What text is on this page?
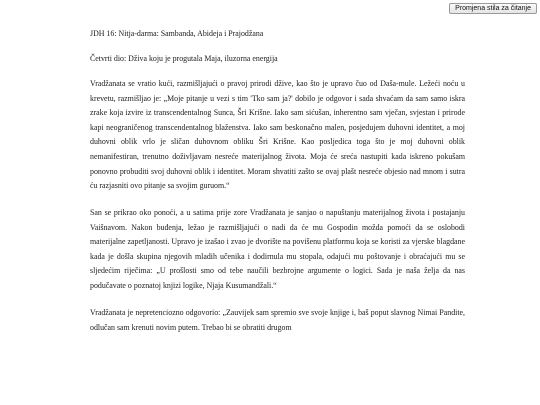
Promjena stila za čitanje

JDH 16: Nitja-darma: Sambanda, Abideja i Prajodžana

Četvrti dio: Dživa koju je progutala Maja, iluzorna energija

Vradžanata se vratio kući, razmišljajući o pravoj prirodi džive, kao što je upravo čuo od Daša-mule. Ležeći noću u krevetu, razmišljao je: „Moje pitanje u vezi s tim 'Tko sam ja?' dobilo je odgovor i sada shvaćam da sam samo iskra zrake koja izvire iz transcendentalnog Sunca, Šri Krišne. Iako sam sićušan, inherentno sam vječan, svjestan i prirode kapi neograničenog transcendentalnog blaženstva. Iako sam beskonačno malen, posjedujem duhovni identitet, a moj duhovni oblik vrlo je sličan duhovnom obliku Šri Krišne. Kao posljedica toga što je moj duhovni oblik nemanifestiran, trenutno doživljavam nesreće materijalnog života. Moja će sreća nastupiti kada iskreno pokušam ponovno probuditi svoj duhovni oblik i identitet. Moram shvatiti zašto se ovaj plašt nesreće objesio nad mnom i sutra ću razjasniti ovo pitanje sa svojim guruom.“

San se prikrao oko ponoći, a u satima prije zore Vradžanata je sanjao o napuštanju materijalnog života i postajanju Vaišnavom. Nakon buđenja, ležao je razmišljajući o nadi da će mu Gospodin možda pomoći da se oslobodi materijalne zapetljanosti. Upravo je izašao i zvao je dvorište na povišenu platformu koja se koristi za vjerske blagdane kada je došla skupina njegovih mladih učenika i dodirnula mu stopala, odajući mu poštovanje i obraćajući mu se sljedećim riječima: „U prošlosti smo od tebe naučili bezbrojne argumente o logici. Sada je naša želja da nas podučavate o poznatoj knjizi logike, Njaja Kusumandžali.“

Vradžanata je nepretenciozno odgovorio: „Zauvijek sam spremio sve svoje knjige i, baš poput slavnog Nimai Pandite, odlučan sam krenuti novim putem. Trebao bi se obratiti drugom
